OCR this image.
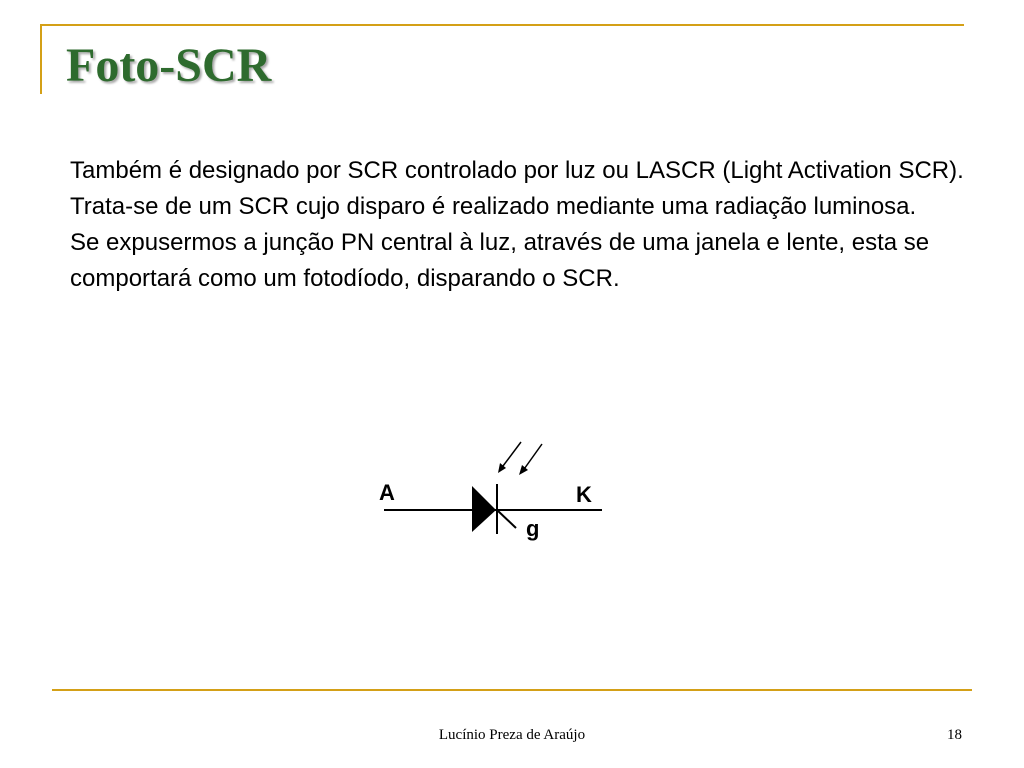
Foto-SCR

Também é designado por SCR controlado por luz ou LASCR (Light Activation SCR).

Trata-se de um SCR cujo disparo é realizado mediante uma radiação luminosa.

Se expusermos a junção PN central à luz, através de uma janela e lente, esta se comportará como um fotodíodo, disparando o SCR.

A	K
g
Lucínio Preza de Araújo	18
